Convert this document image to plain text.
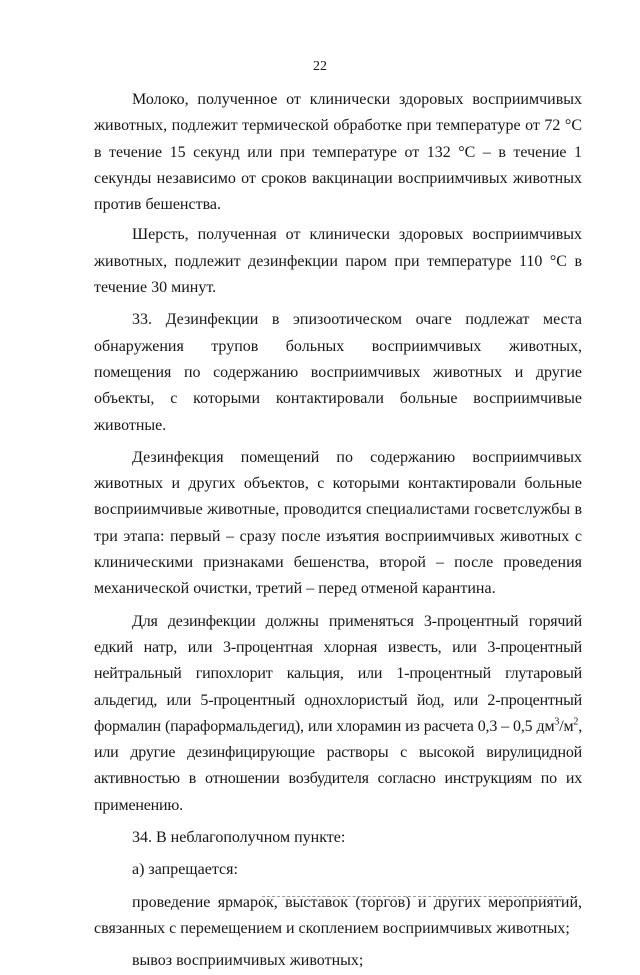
22

Молоко, полученное от клинически здоровых восприимчивых животных, подлежит термической обработке при температуре от 72 °С в течение 15 секунд или при температуре от 132 °С – в течение 1 секунды независимо от сроков вакцинации восприимчивых животных против бешенства.

Шерсть, полученная от клинически здоровых восприимчивых животных, подлежит дезинфекции паром при температуре 110 °С в течение 30 минут.

33. Дезинфекции в эпизоотическом очаге подлежат места обнаружения трупов больных восприимчивых животных, помещения по содержанию восприимчивых животных и другие объекты, с которыми контактировали больные восприимчивые животные.

Дезинфекция помещений по содержанию восприимчивых животных и других объектов, с которыми контактировали больные восприимчивые животные, проводится специалистами госветслужбы в три этапа: первый – сразу после изъятия восприимчивых животных с клиническими признаками бешенства, второй – после проведения механической очистки, третий – перед отменой карантина.

Для дезинфекции должны применяться 3-процентный горячий едкий натр, или 3-процентная хлорная известь, или 3-процентный нейтральный гипохлорит кальция, или 1-процентный глутаровый альдегид, или 5-процентный однохлористый йод, или 2-процентный формалин (параформальдегид), или хлорамин из расчета 0,3 – 0,5 $дм^3/м^2$, или другие дезинфицирующие растворы с высокой вирулицидной активностью в отношении возбудителя согласно инструкциям по их применению.

34. В неблагополучном пункте:

а) запрещается:

проведение ярмарок, выставок (торгов) и других мероприятий, связанных с перемещением и скоплением восприимчивых животных;

вывоз восприимчивых животных;
